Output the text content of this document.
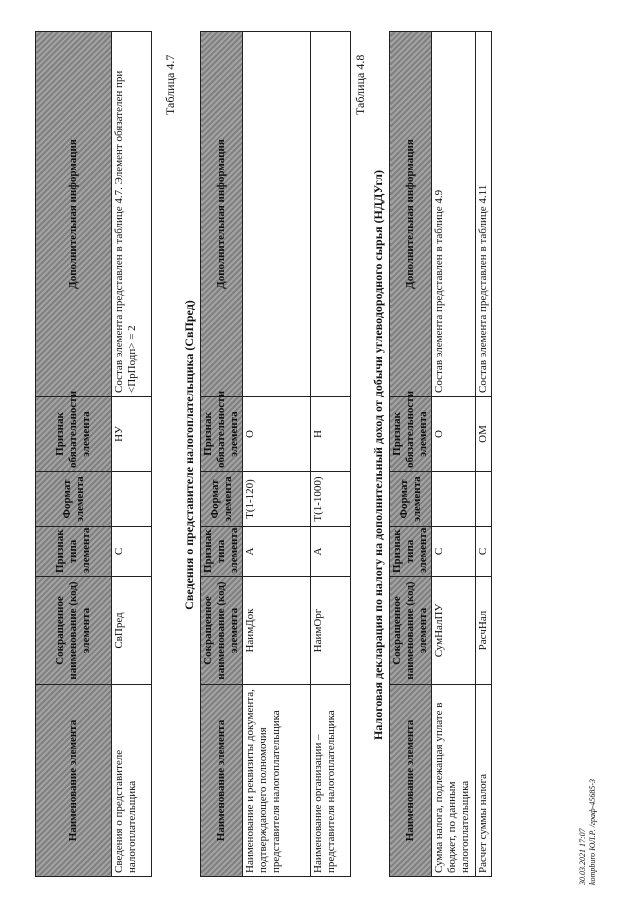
Наименование элемента	Сокращенное наименование (код) элемента	Признак типа элемента	Формат элемента	Признак обязательности элемента	Дополнительная информация
Сведения о представителе налогоплательщика	СвПред	С		НУ	Состав элемента представлен в таблице 4.7. Элемент обязателен при <ПрПодп> = 2
Таблица 4.7
Сведения о представителе налогоплательщика (СвПред)
Наименование элемента	Сокращенное наименование (код) элемента	Признак типа элемента	Формат элемента	Признак обязательности элемента	Дополнительная информация
Наименование и реквизиты документа, подтверждающего полномочия представителя налогоплательщика	НаимДок	А	T(1-120)	О	
Наименование организации – представителя налогоплательщика	НаимОрг	А	T(1-1000)	Н	
Таблица 4.8
Налоговая декларация по налогу на дополнительный доход от добычи углеводородного сырья (НДДУгл)
Наименование элемента	Сокращенное наименование (код) элемента	Признак типа элемента	Формат элемента	Признак обязательности элемента	Дополнительная информация
Сумма налога, подлежащая уплате в бюджет, по данным налогоплательщика	СумНалПУ	С		О	Состав элемента представлен в таблице 4.9
Расчет суммы налога	РасчНал	С		ОМ	Состав элемента представлен в таблице 4.11
30.03.2021 17:07 kompburo ЮЛ.Р. /граф-45685-3
